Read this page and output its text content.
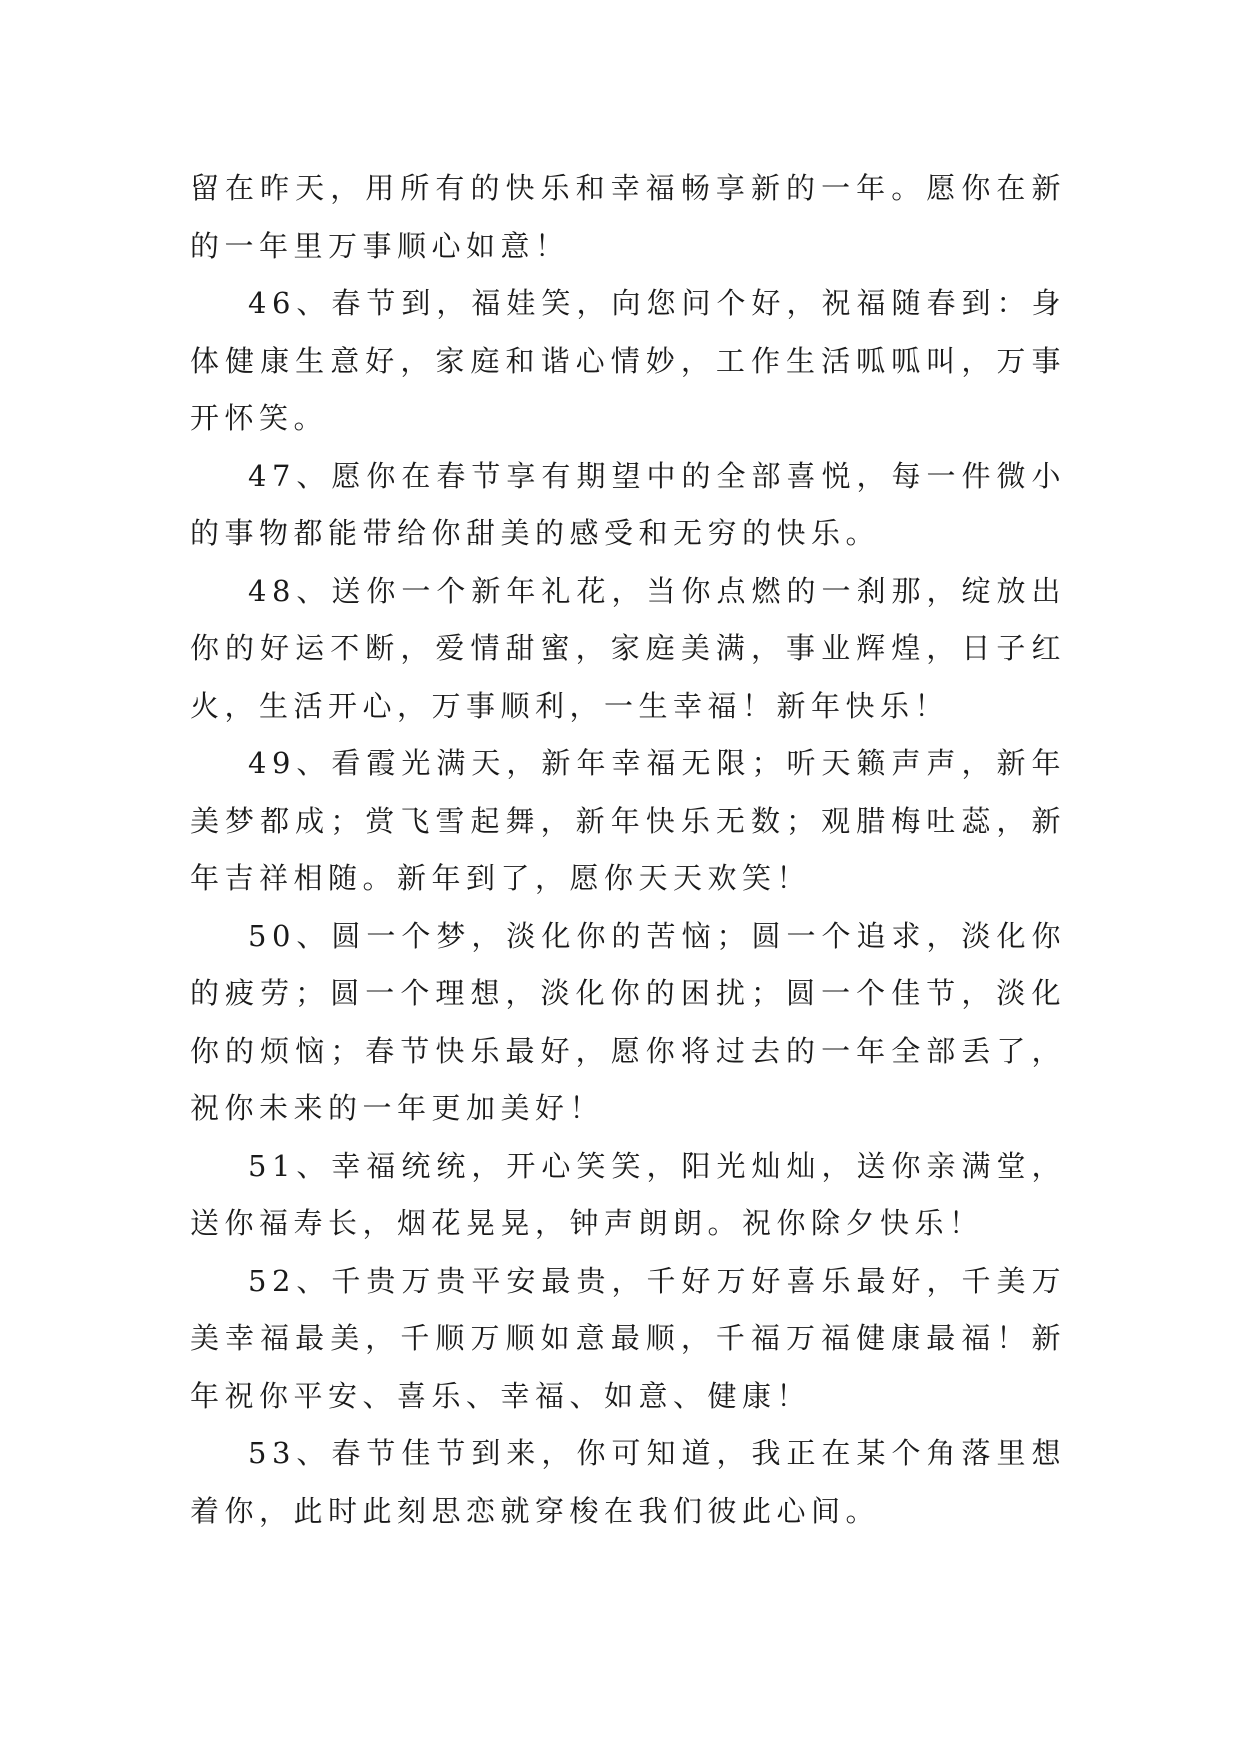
留在昨天，用所有的快乐和幸福畅享新的一年。愿你在新的一年里万事顺心如意！

46、春节到，福娃笑，向您问个好，祝福随春到：身体健康生意好，家庭和谐心情妙，工作生活呱呱叫，万事开怀笑。

47、愿你在春节享有期望中的全部喜悦，每一件微小的事物都能带给你甜美的感受和无穷的快乐。

48、送你一个新年礼花，当你点燃的一刹那，绽放出你的好运不断，爱情甜蜜，家庭美满，事业辉煌，日子红火，生活开心，万事顺利，一生幸福！新年快乐！

49、看霞光满天，新年幸福无限；听天籁声声，新年美梦都成；赏飞雪起舞，新年快乐无数；观腊梅吐蕊，新年吉祥相随。新年到了，愿你天天欢笑！

50、圆一个梦，淡化你的苦恼；圆一个追求，淡化你的疲劳；圆一个理想，淡化你的困扰；圆一个佳节，淡化你的烦恼；春节快乐最好，愿你将过去的一年全部丢了，祝你未来的一年更加美好！

51、幸福统统，开心笑笑，阳光灿灿，送你亲满堂，送你福寿长，烟花晃晃，钟声朗朗。祝你除夕快乐！

52、千贵万贵平安最贵，千好万好喜乐最好，千美万美幸福最美，千顺万顺如意最顺，千福万福健康最福！新年祝你平安、喜乐、幸福、如意、健康！

53、春节佳节到来，你可知道，我正在某个角落里想着你，此时此刻思恋就穿梭在我们彼此心间。
